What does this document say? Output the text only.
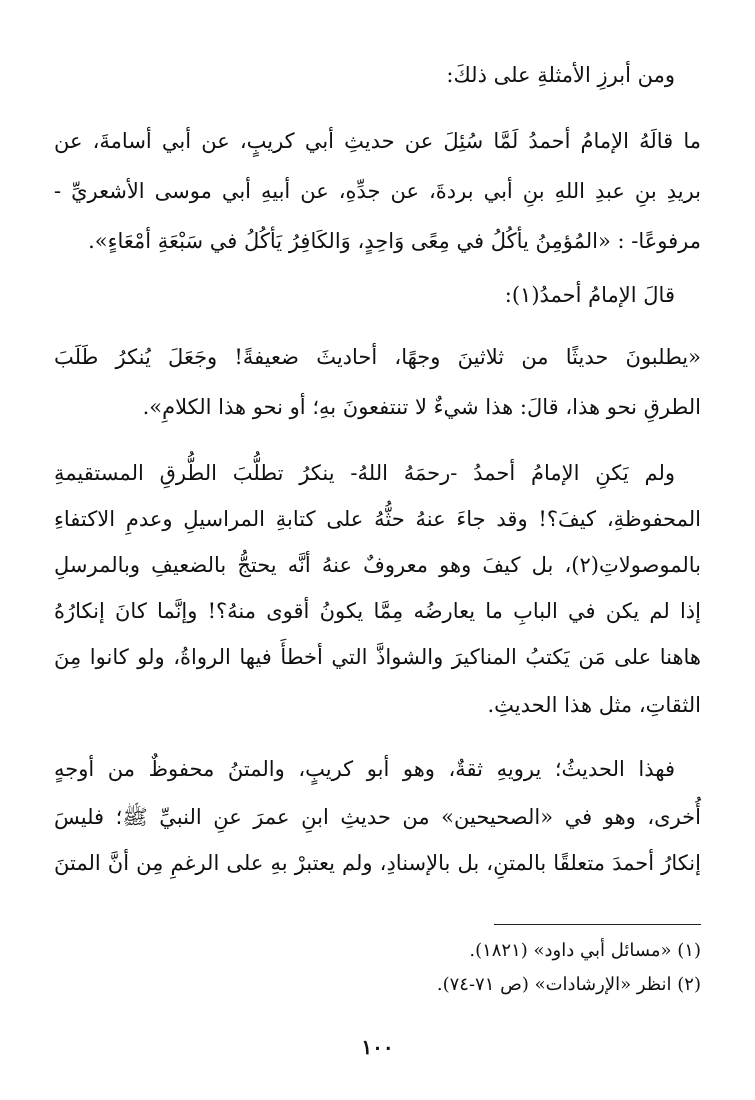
ومن أبرزِ الأمثلةِ على ذلكَ:
ما قالَهُ الإمامُ أحمدُ لَمَّا سُئِلَ عن حديثِ أبي كريبٍ، عن أبي أسامةَ، عن
بريدِ بنِ عبدِ اللهِ بنِ أبي بردةَ، عن جدِّهِ، عن أبيهِ أبي موسى الأشعريِّ -
مرفوعًا- : «المُؤمِنُ يأكُلُ في مِعًى وَاحِدٍ، وَالكَافِرُ يَأكُلُ في سَبْعَةِ أمْعَاءٍ».
قالَ الإمامُ أحمدُ(١):
«يطلبونَ حديثًا من ثلاثينَ وجهًا، أحاديثَ ضعيفةً! وجَعَلَ يُنكرُ طَلَبَ
الطرقِ نحو هذا، قالَ: هذا شيءٌ لا تنتفعونَ بهِ؛ أو نحو هذا الكلامِ».
ولم يَكنِ الإمامُ أحمدُ -رحمَهُ اللهُ- ينكرُ تطلُّبَ الطُّرقِ المستقيمةِ
المحفوظةِ، كيفَ؟! وقد جاءَ عنهُ حثُّهُ على كتابةِ المراسيلِ وعدمِ الاكتفاءِ
بالموصولاتِ(٢)، بل كيفَ وهو معروفٌ عنهُ أنَّه يحتجُّ بالضعيفِ وبالمرسلِ
إذا لم يكن في البابِ ما يعارضُه مِمَّا يكونُ أقوى منهُ؟! وإنَّما كانَ إنكارُهُ
هاهنا على مَن يَكتبُ المناكيرَ والشواذَّ التي أخطأَ فيها الرواةُ، ولو كانوا مِنَ
الثقاتِ، مثل هذا الحديثِ.
فهذا الحديثُ؛ يرويهِ ثقةٌ، وهو أبو كريبٍ، والمتنُ محفوظٌ من أوجهٍ
أُخرى، وهو في «الصحيحين» من حديثِ ابنِ عمرَ عنِ النبيِّ ﷺ؛ فليسَ
إنكارُ أحمدَ متعلقًا بالمتنِ، بل بالإسنادِ، ولم يعتبرْ بهِ على الرغمِ مِن أنَّ المتنَ
(١) «مسائل أبي داود» (١٨٢١).
(٢) انظر «الإرشادات» (ص ٧١-٧٤).
١٠٠
